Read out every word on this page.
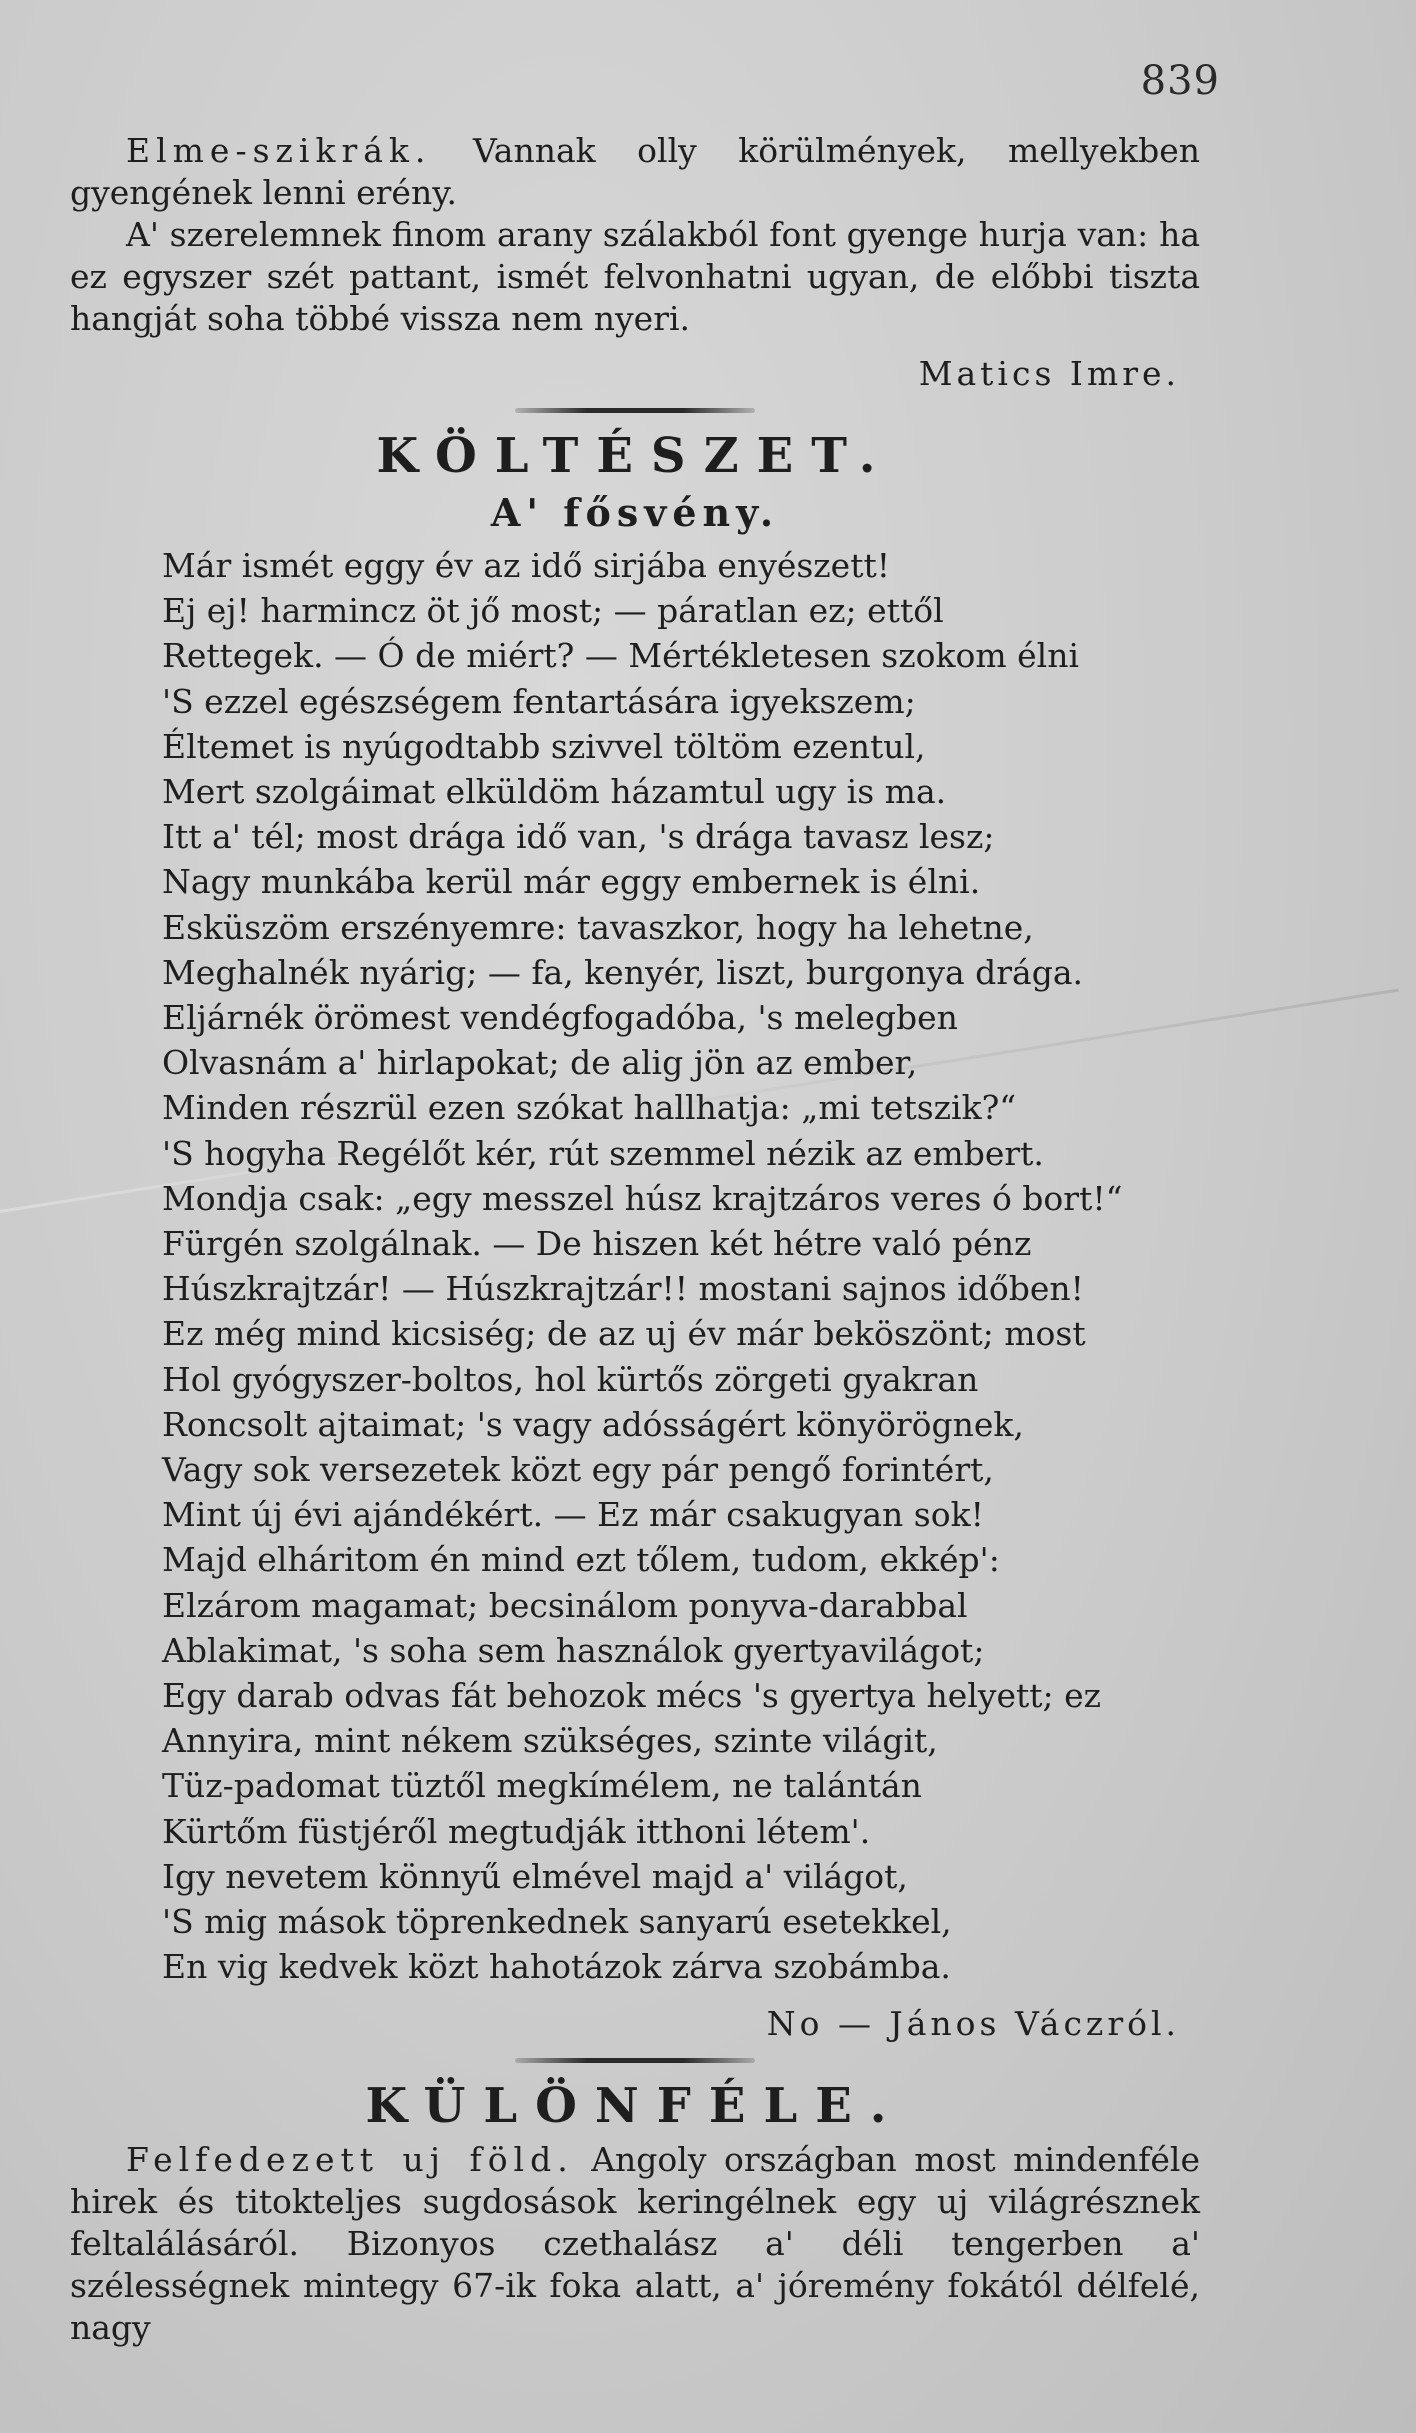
839

Elme-szikrák. Vannak olly körülmények, mellyekben gyengének lenni erény.

A' szerelemnek finom arany szálakból font gyenge hurja van: ha ez egyszer szét pattant, ismét felvonhatni ugyan, de előbbi tiszta hangját soha többé vissza nem nyeri.

Matics Imre.

KÖLTÉSZET.
A' fősvény.
Már ismét eggy év az idő sirjába enyészett!
Ej ej! harmincz öt jő most; — páratlan ez; ettől
Rettegek. — Ó de miért? — Mértékletesen szokom élni
'S ezzel egészségem fentartására igyekszem;
Éltemet is nyúgodtabb szivvel töltöm ezentul,
Mert szolgáimat elküldöm házamtul ugy is ma.
Itt a' tél; most drága idő van, 's drága tavasz lesz;
Nagy munkába kerül már eggy embernek is élni.
Esküszöm erszényemre: tavaszkor, hogy ha lehetne,
Meghalnék nyárig; — fa, kenyér, liszt, burgonya drága.
Eljárnék örömest vendégfogadóba, 's melegben
Olvasnám a' hirlapokat; de alig jön az ember,
Minden részrül ezen szókat hallhatja: „mi tetszik?“
'S hogyha Regélőt kér, rút szemmel nézik az embert.
Mondja csak: „egy messzel húsz krajtzáros veres ó bort!“
Fürgén szolgálnak. — De hiszen két hétre való pénz
Húszkrajtzár! — Húszkrajtzár!! mostani sajnos időben!
Ez még mind kicsiség; de az uj év már beköszönt; most
Hol gyógyszer-boltos, hol kürtős zörgeti gyakran
Roncsolt ajtaimat; 's vagy adósságért könyörögnek,
Vagy sok versezetek közt egy pár pengő forintért,
Mint új évi ajándékért. — Ez már csakugyan sok!
Majd elháritom én mind ezt tőlem, tudom, ekkép':
Elzárom magamat; becsinálom ponyva-darabbal
Ablakimat, 's soha sem használok gyertyavilágot;
Egy darab odvas fát behozok mécs 's gyertya helyett; ez
Annyira, mint nékem szükséges, szinte világit,
Tüz-padomat tüztől megkímélem, ne talántán
Kürtőm füstjéről megtudják itthoni létem'.
Igy nevetem könnyű elmével majd a' világot,
'S mig mások töprenkednek sanyarú esetekkel,
En vig kedvek közt hahotázok zárva szobámba.

No — János Váczról.

KÜLÖNFÉLE.

Felfedezett uj föld. Angoly országban most mindenféle hirek és titokteljes sugdosások keringélnek egy uj világrésznek feltalálásáról. Bizonyos czethalász a' déli tengerben a' szélességnek mintegy 67-ik foka alatt, a' jóremény fokától délfelé, nagy
